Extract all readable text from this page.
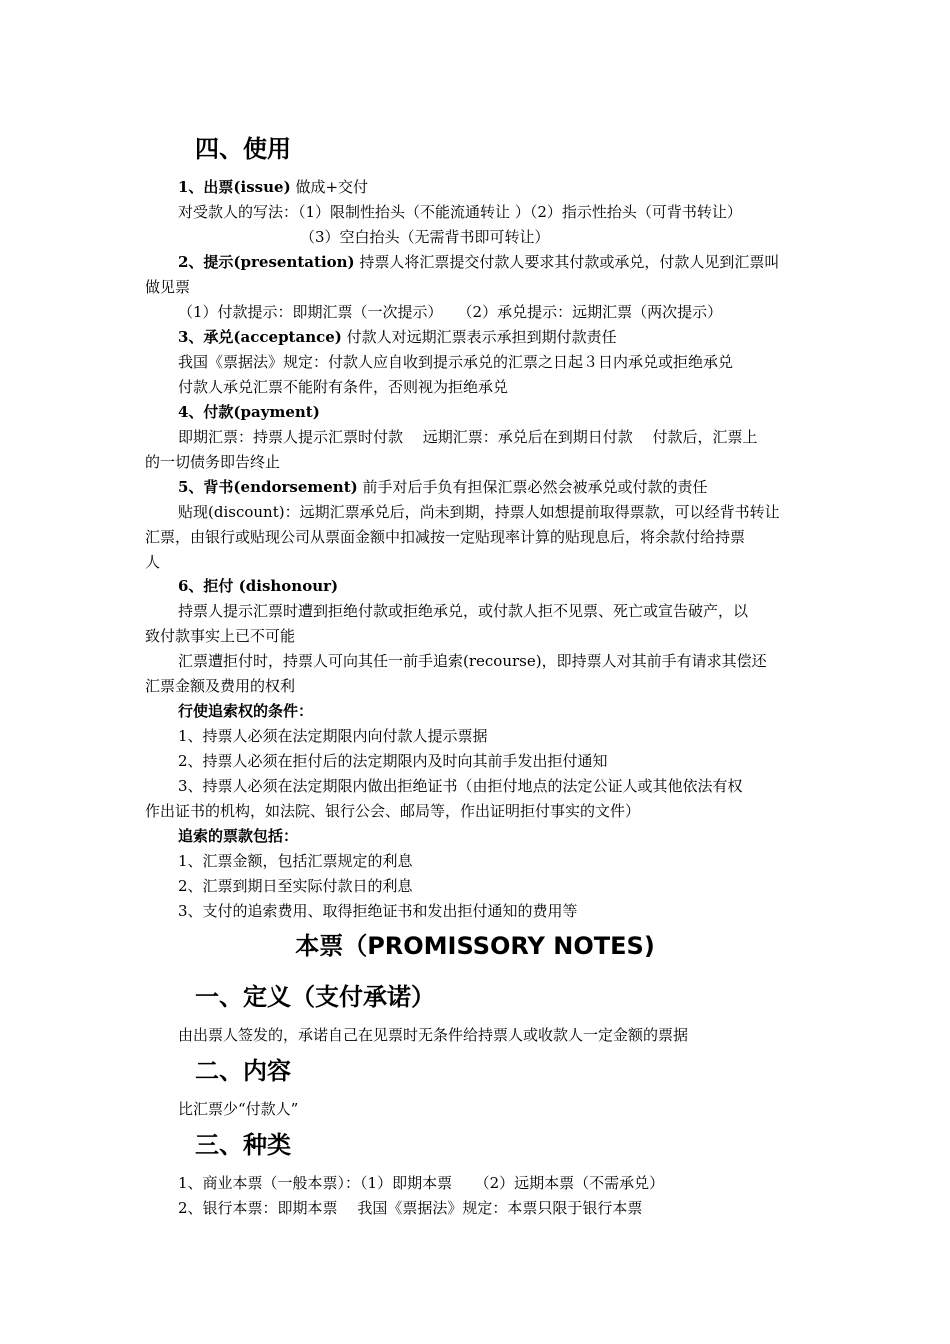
四、使用
1、出票(issue) 做成+交付
对受款人的写法：（1）限制性抬头（不能流通转让 ）（2）指示性抬头（可背书转让）
（3）空白抬头（无需背书即可转让）
2、提示(presentation) 持票人将汇票提交付款人要求其付款或承兑，付款人见到汇票叫
做见票
（1）付款提示：即期汇票（一次提示）　　（2）承兑提示：远期汇票（两次提示）
3、承兑(acceptance) 付款人对远期汇票表示承担到期付款责任
我国《票据法》规定：付款人应自收到提示承兑的汇票之日起３日内承兑或拒绝承兑
付款人承兑汇票不能附有条件，否则视为拒绝承兑
4、付款(payment)
即期汇票：持票人提示汇票时付款　 远期汇票：承兑后在到期日付款　 付款后，汇票上
的一切债务即告终止
5、背书(endorsement) 前手对后手负有担保汇票必然会被承兑或付款的责任
贴现(discount)：远期汇票承兑后，尚未到期，持票人如想提前取得票款，可以经背书转让
汇票，由银行或贴现公司从票面金额中扣减按一定贴现率计算的贴现息后，将余款付给持票
人
6、拒付 (dishonour)
持票人提示汇票时遭到拒绝付款或拒绝承兑，或付款人拒不见票、死亡或宣告破产，以
致付款事实上已不可能
汇票遭拒付时，持票人可向其任一前手追索(recourse)，即持票人对其前手有请求其偿还
汇票金额及费用的权利
行使追索权的条件：
1、持票人必须在法定期限内向付款人提示票据
2、持票人必须在拒付后的法定期限内及时向其前手发出拒付通知
3、持票人必须在法定期限内做出拒绝证书（由拒付地点的法定公证人或其他依法有权
作出证书的机构，如法院、银行公会、邮局等，作出证明拒付事实的文件）
追索的票款包括：
1、汇票金额，包括汇票规定的利息
2、汇票到期日至实际付款日的利息
3、支付的追索费用、取得拒绝证书和发出拒付通知的费用等
本票（PROMISSORY NOTES)
一、定义（支付承诺）
由出票人签发的，承诺自己在见票时无条件给持票人或收款人一定金额的票据
二、内容
比汇票少“付款人”
三、种类
1、商业本票（一般本票）：（1）即期本票　　（2）远期本票（不需承兑）
2、银行本票：即期本票　 我国《票据法》规定：本票只限于银行本票
